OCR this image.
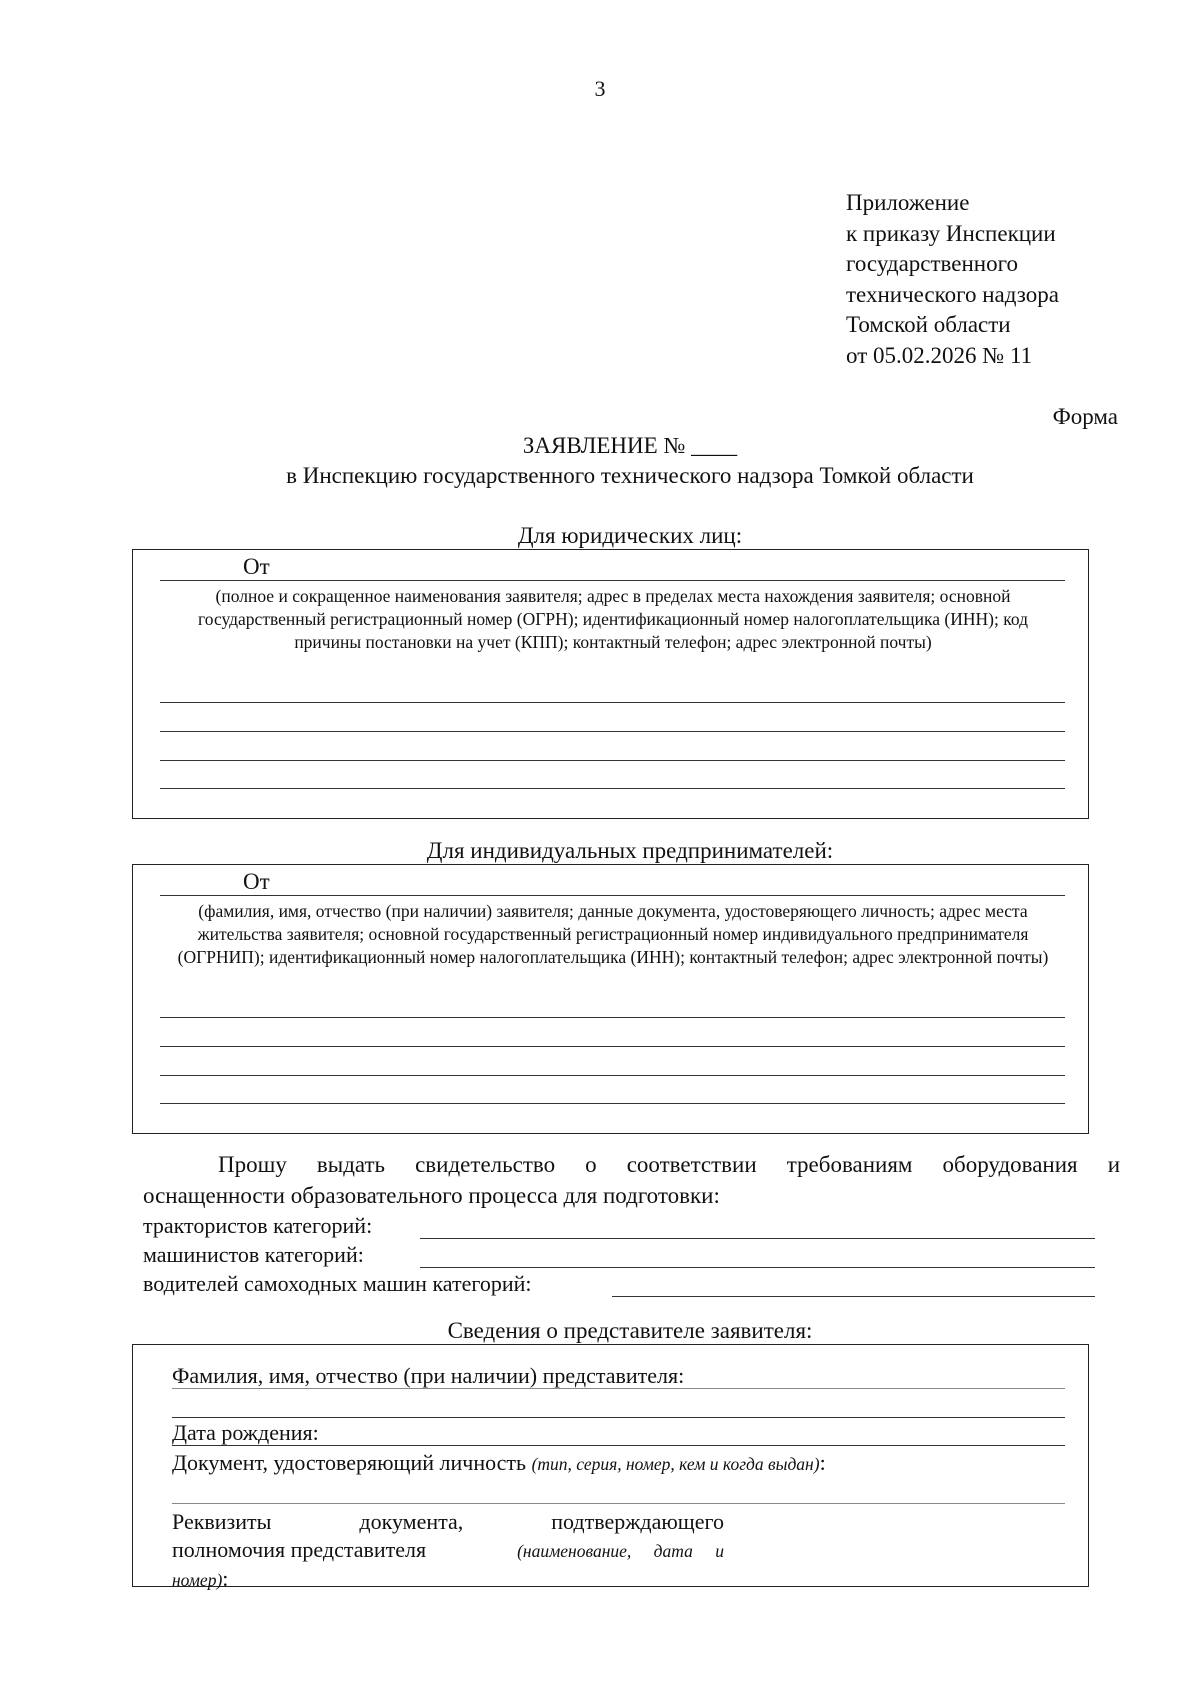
3
Приложение
к приказу Инспекции
государственного
технического надзора
Томской области
от 05.02.2026 № 11
Форма
ЗАЯВЛЕНИЕ № ____
в Инспекцию государственного технического надзора Томкой области
Для юридических лиц:
От
(полное и сокращенное наименования заявителя; адрес в пределах места нахождения заявителя; основной государственный регистрационный номер (ОГРН); идентификационный номер налогоплательщика (ИНН); код причины постановки на учет (КПП); контактный телефон; адрес электронной почты)
Для индивидуальных предпринимателей:
От
(фамилия, имя, отчество (при наличии) заявителя; данные документа, удостоверяющего личность; адрес места жительства заявителя; основной государственный регистрационный номер индивидуального предпринимателя (ОГРНИП); идентификационный номер налогоплательщика (ИНН); контактный телефон; адрес электронной почты)
Прошу выдать свидетельство о соответствии требованиям оборудования и
оснащенности образовательного процесса для подготовки:
трактористов категорий:
машинистов категорий:
водителей самоходных машин категорий:
Сведения о представителе заявителя:
Фамилия, имя, отчество (при наличии) представителя:
Дата рождения:
Документ, удостоверяющий личность (тип, серия, номер, кем и когда выдан):
Реквизиты документа, подтверждающего
полномочия представителя	(наименование, дата и
номер):
